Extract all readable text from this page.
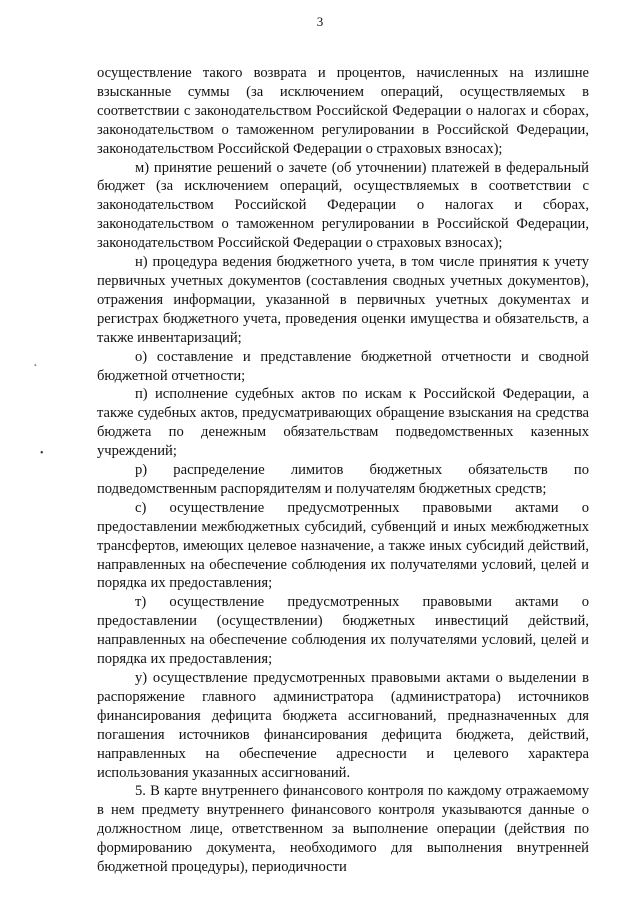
3
˛
•

осуществление такого возврата и процентов, начисленных на излишне взысканные суммы (за исключением операций, осуществляемых в соответствии с законодательством Российской Федерации о налогах и сборах, законодательством о таможенном регулировании в Российской Федерации, законодательством Российской Федерации о страховых взносах);

м) принятие решений о зачете (об уточнении) платежей в федеральный бюджет (за исключением операций, осуществляемых в соответствии с законодательством Российской Федерации о налогах и сборах, законодательством о таможенном регулировании в Российской Федерации, законодательством Российской Федерации о страховых взносах);

н) процедура ведения бюджетного учета, в том числе принятия к учету первичных учетных документов (составления сводных учетных документов), отражения информации, указанной в первичных учетных документах и регистрах бюджетного учета, проведения оценки имущества и обязательств, а также инвентаризаций;

о) составление и представление бюджетной отчетности и сводной бюджетной отчетности;

п) исполнение судебных актов по искам к Российской Федерации, а также судебных актов, предусматривающих обращение взыскания на средства бюджета по денежным обязательствам подведомственных казенных учреждений;

р) распределение лимитов бюджетных обязательств по подведомственным распорядителям и получателям бюджетных средств;

с) осуществление предусмотренных правовыми актами о предоставлении межбюджетных субсидий, субвенций и иных межбюджетных трансфертов, имеющих целевое назначение, а также иных субсидий действий, направленных на обеспечение соблюдения их получателями условий, целей и порядка их предоставления;

т) осуществление предусмотренных правовыми актами о предоставлении (осуществлении) бюджетных инвестиций действий, направленных на обеспечение соблюдения их получателями условий, целей и порядка их предоставления;

у) осуществление предусмотренных правовыми актами о выделении в распоряжение главного администратора (администратора) источников финансирования дефицита бюджета ассигнований, предназначенных для погашения источников финансирования дефицита бюджета, действий, направленных на обеспечение адресности и целевого характера использования указанных ассигнований.

5. В карте внутреннего финансового контроля по каждому отражаемому в нем предмету внутреннего финансового контроля указываются данные о должностном лице, ответственном за выполнение операции (действия по формированию документа, необходимого для выполнения внутренней бюджетной процедуры), периодичности
